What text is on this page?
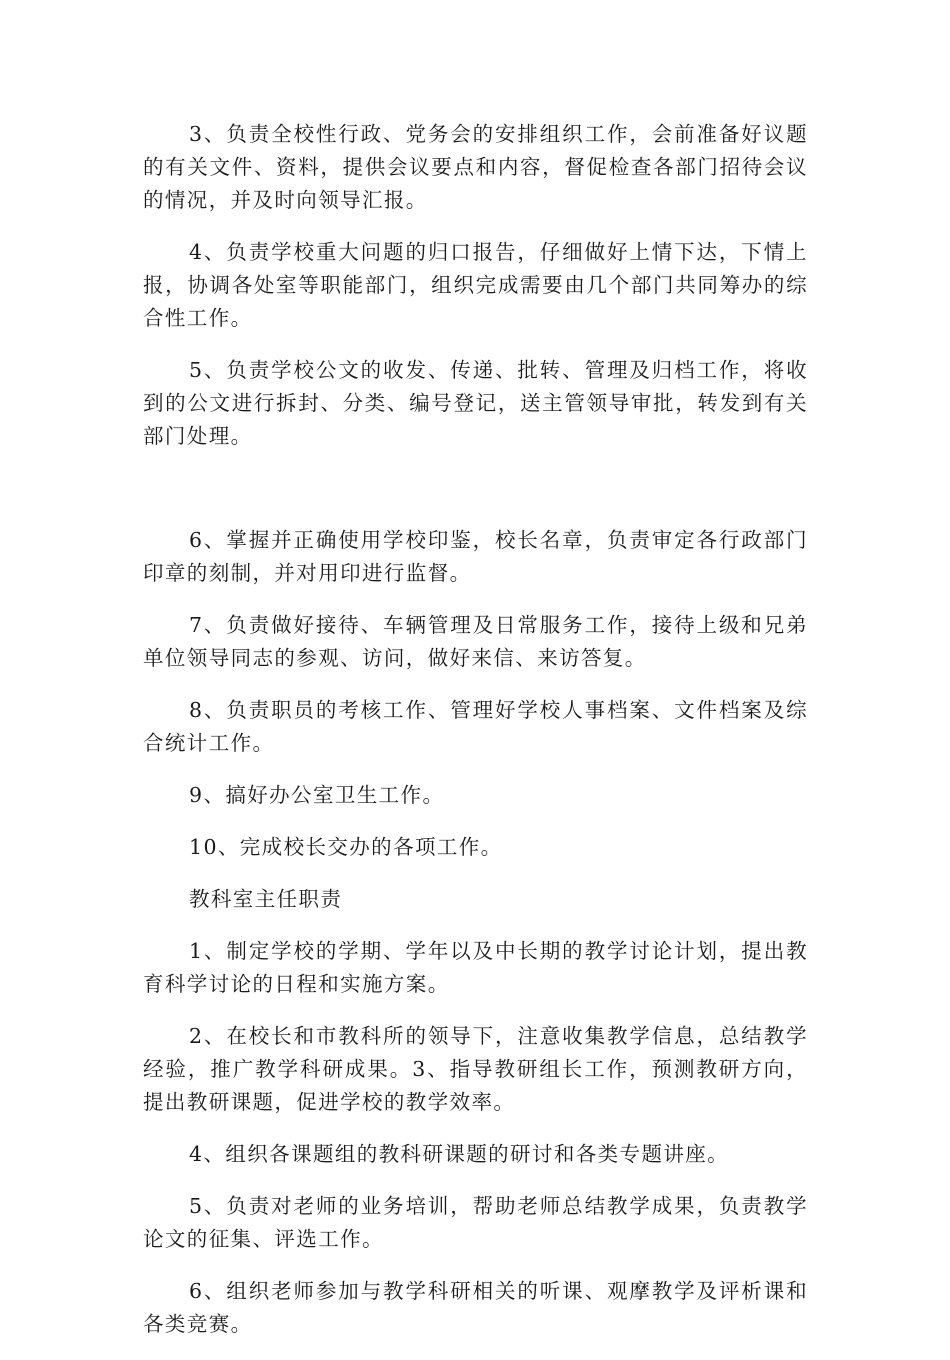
3、负责全校性行政、党务会的安排组织工作，会前准备好议题的有关文件、资料，提供会议要点和内容，督促检查各部门招待会议的情况，并及时向领导汇报。

4、负责学校重大问题的归口报告，仔细做好上情下达，下情上报，协调各处室等职能部门，组织完成需要由几个部门共同筹办的综合性工作。

5、负责学校公文的收发、传递、批转、管理及归档工作，将收到的公文进行拆封、分类、编号登记，送主管领导审批，转发到有关部门处理。

6、掌握并正确使用学校印鉴，校长名章，负责审定各行政部门印章的刻制，并对用印进行监督。

7、负责做好接待、车辆管理及日常服务工作，接待上级和兄弟单位领导同志的参观、访问，做好来信、来访答复。

8、负责职员的考核工作、管理好学校人事档案、文件档案及综合统计工作。

9、搞好办公室卫生工作。

10、完成校长交办的各项工作。

教科室主任职责

1、制定学校的学期、学年以及中长期的教学讨论计划，提出教育科学讨论的日程和实施方案。

2、在校长和市教科所的领导下，注意收集教学信息，总结教学经验，推广教学科研成果。3、指导教研组长工作，预测教研方向，提出教研课题，促进学校的教学效率。

4、组织各课题组的教科研课题的研讨和各类专题讲座。

5、负责对老师的业务培训，帮助老师总结教学成果，负责教学论文的征集、评选工作。

6、组织老师参加与教学科研相关的听课、观摩教学及评析课和各类竞赛。
